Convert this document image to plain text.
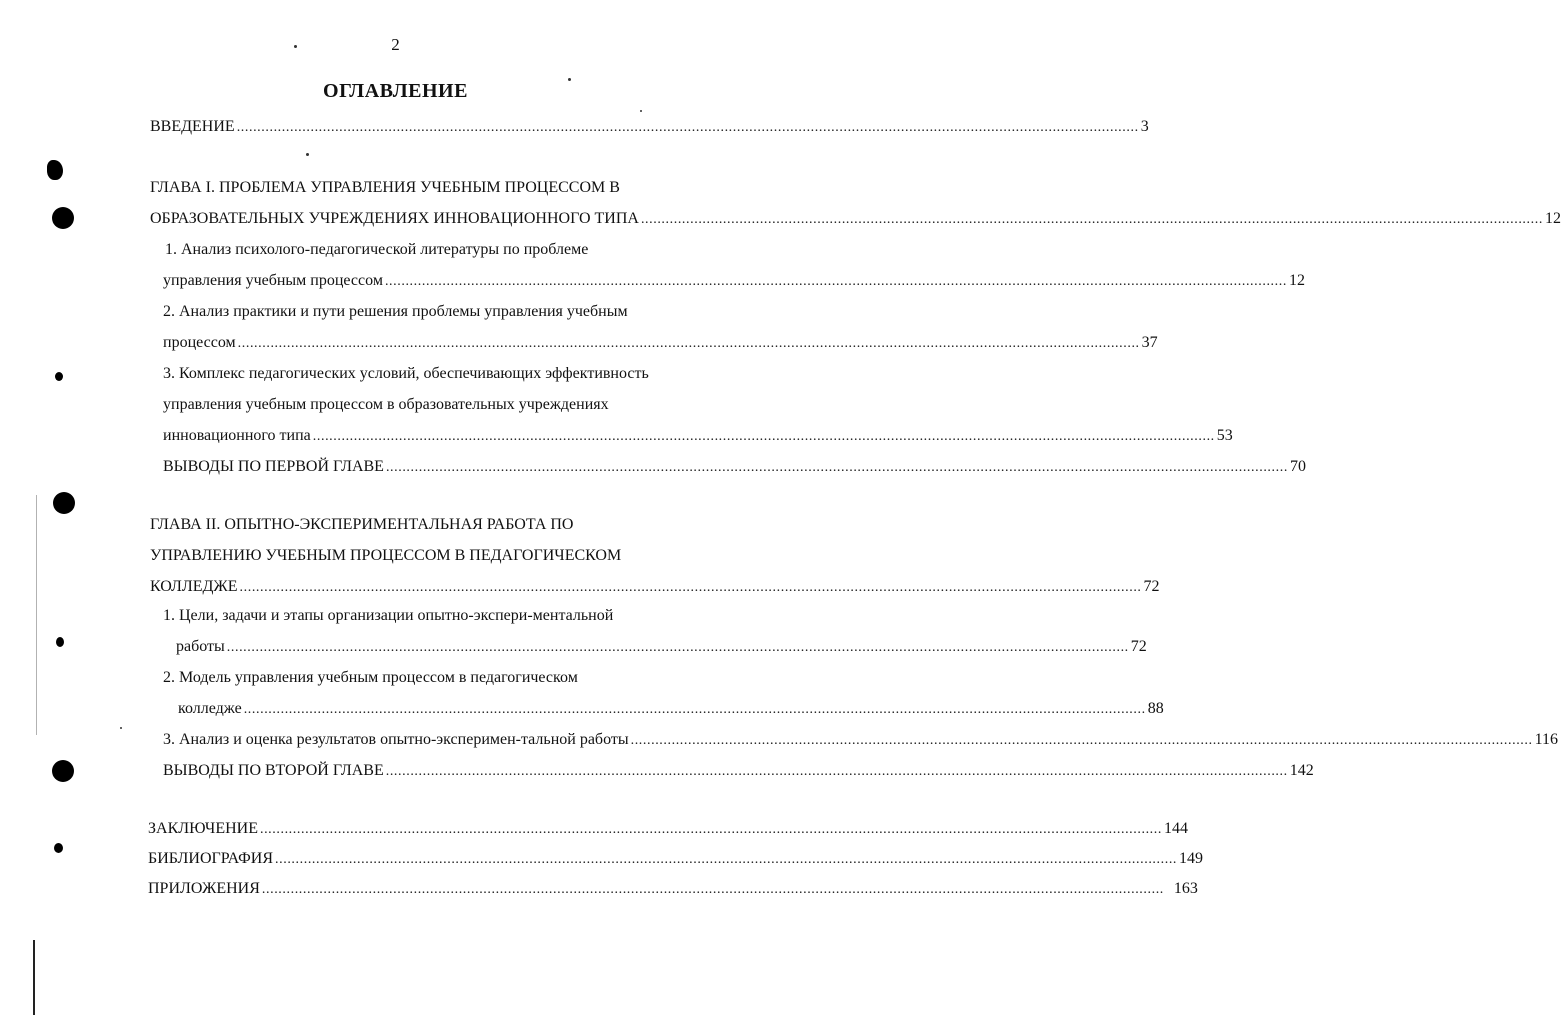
2
ОГЛАВЛЕНИЕ
ВВЕДЕНИЕ ............................................................................................................................................................................................................................ 3
ГЛАВА I. ПРОБЛЕМА УПРАВЛЕНИЯ УЧЕБНЫМ ПРОЦЕССОМ В
ОБРАЗОВАТЕЛЬНЫХ УЧРЕЖДЕНИЯХ ИННОВАЦИОННОГО ТИПА ............................................................................................................................................................................................................................ 12
1. Анализ психолого-педагогической литературы по проблеме
управления учебным процессом ............................................................................................................................................................................................................................ 12
2. Анализ практики и пути решения проблемы управления учебным
процессом ............................................................................................................................................................................................................................ 37
3. Комплекс педагогических условий, обеспечивающих эффективность
управления учебным процессом в образовательных учреждениях
инновационного типа ............................................................................................................................................................................................................................ 53
ВЫВОДЫ ПО ПЕРВОЙ ГЛАВЕ ............................................................................................................................................................................................................................ 70
ГЛАВА II. ОПЫТНО-ЭКСПЕРИМЕНТАЛЬНАЯ РАБОТА ПО
УПРАВЛЕНИЮ УЧЕБНЫМ ПРОЦЕССОМ В ПЕДАГОГИЧЕСКОМ
КОЛЛЕДЖЕ ............................................................................................................................................................................................................................ 72
1. Цели, задачи и этапы организации опытно-экспери-ментальной
работы ............................................................................................................................................................................................................................ 72
2. Модель управления учебным процессом в педагогическом
колледже ............................................................................................................................................................................................................................ 88
3. Анализ и оценка результатов опытно-эксперимен-тальной работы ............................................................................................................................................................................................................................ 116
ВЫВОДЫ ПО ВТОРОЙ ГЛАВЕ ............................................................................................................................................................................................................................ 142
ЗАКЛЮЧЕНИЕ ............................................................................................................................................................................................................................ 144
БИБЛИОГРАФИЯ ............................................................................................................................................................................................................................ 149
ПРИЛОЖЕНИЯ ............................................................................................................................................................................................................................ 163
